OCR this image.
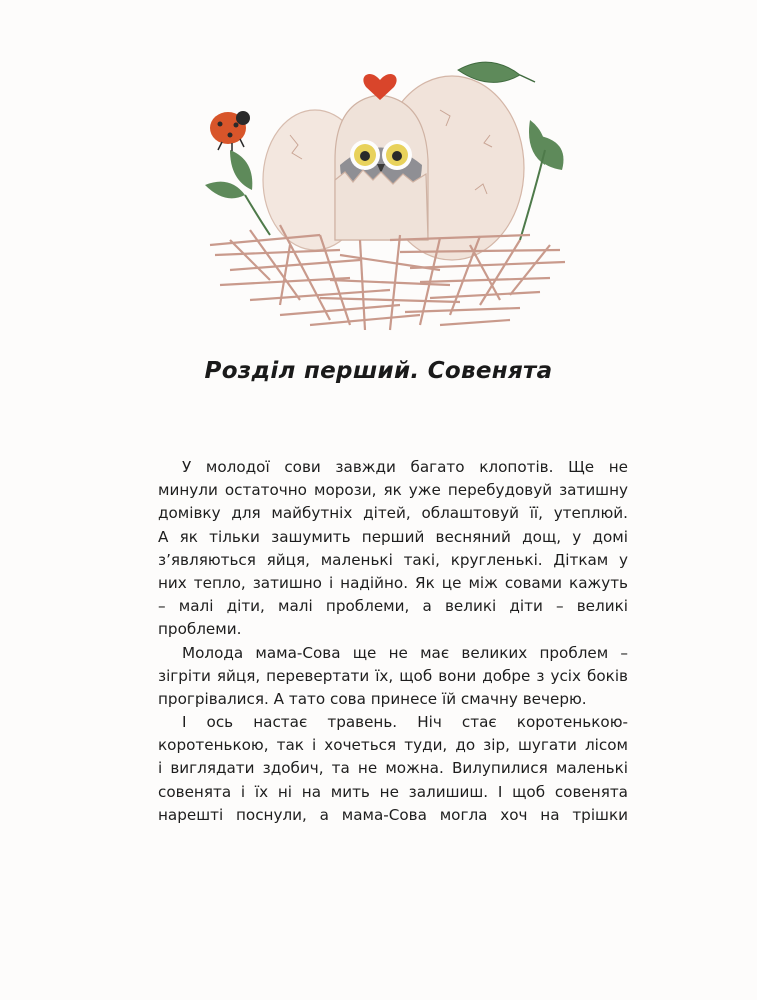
Розділ перший. Совенята
У молодої сови завжди багато клопотів. Ще не
минули остаточно морози, як уже перебудовуй затишну
домівку для майбутніх дітей, облаштовуй її, утеплюй.
А як тільки зашумить перший весняний дощ, у домі
з’являються яйця, маленькі такі, кругленькі. Діткам у
них тепло, затишно і надійно. Як це між совами кажуть
– малі діти, малі проблеми, а великі діти – великі
проблеми.
Молода мама-Сова ще не має великих проблем –
зігріти яйця, перевертати їх, щоб вони добре з усіх боків
прогрівалися. А тато сова принесе їй смачну вечерю.
І ось настає травень. Ніч стає коротенькою-
коротенькою, так і хочеться туди, до зір, шугати лісом
і виглядати здобич, та не можна. Вилупилися маленькі
совенята і їх ні на мить не залишиш. І щоб совенята
нарешті поснули, а мама-Сова могла хоч на трішки
